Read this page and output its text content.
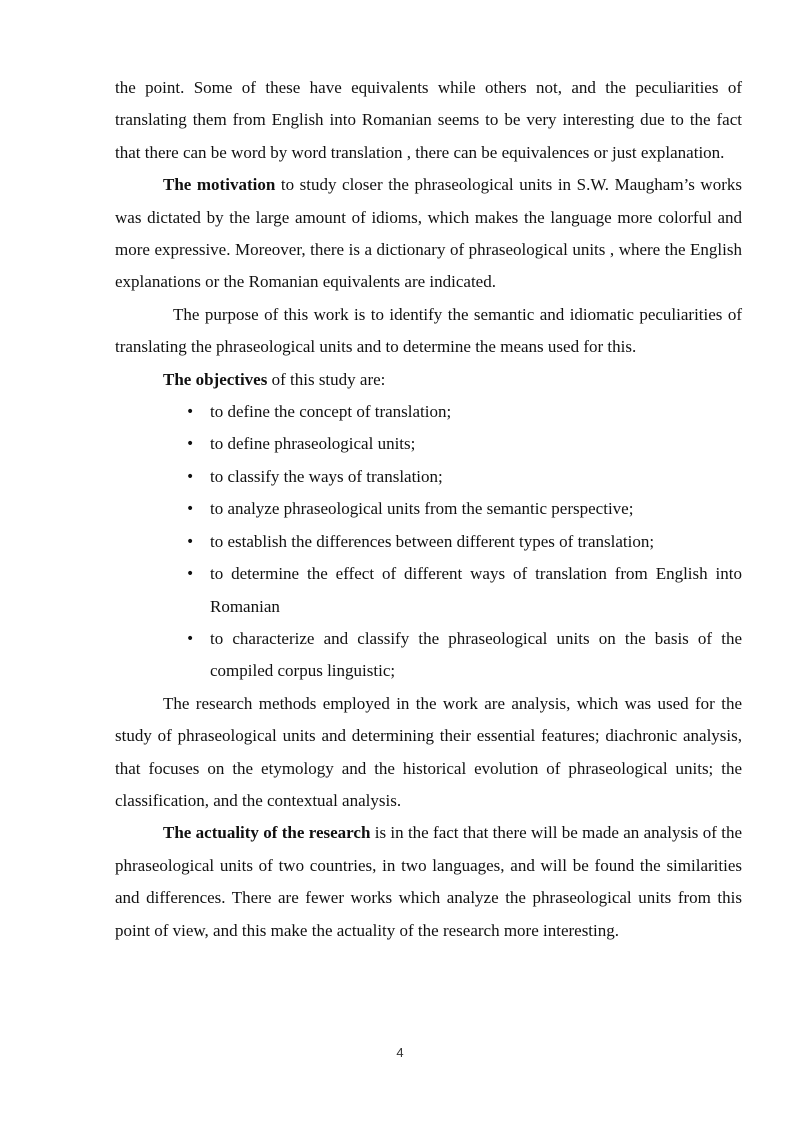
the point. Some of these have equivalents while others not, and the peculiarities of translating them from English into Romanian seems to be very interesting due to the fact that there can be word by word translation , there can be equivalences or just explanation.

The motivation to study closer the phraseological units in S.W. Maugham’s works was dictated by the large amount of idioms, which makes the language more colorful and more expressive. Moreover, there is a dictionary of phraseological units , where the English explanations or the Romanian equivalents are indicated.

The purpose of this work is to identify the semantic and idiomatic peculiarities of translating the phraseological units and to determine the means used for this.

The objectives of this study are:

• to define the concept of translation;
• to define phraseological units;
• to classify the ways of translation;
• to analyze phraseological units from the semantic perspective;
• to establish the differences between different types of translation;
• to determine the effect of different ways of translation from English into Romanian
• to characterize and classify the phraseological units on the basis of the compiled corpus linguistic;

The research methods employed in the work are analysis, which was used for the study of phraseological units and determining their essential features; diachronic analysis, that focuses on the etymology and the historical evolution of phraseological units; the classification, and the contextual analysis.

The actuality of the research is in the fact that there will be made an analysis of the phraseological units of two countries, in two languages, and will be found the similarities and differences. There are fewer works which analyze the phraseological units from this point of view, and this make the actuality of the research more interesting.

4
